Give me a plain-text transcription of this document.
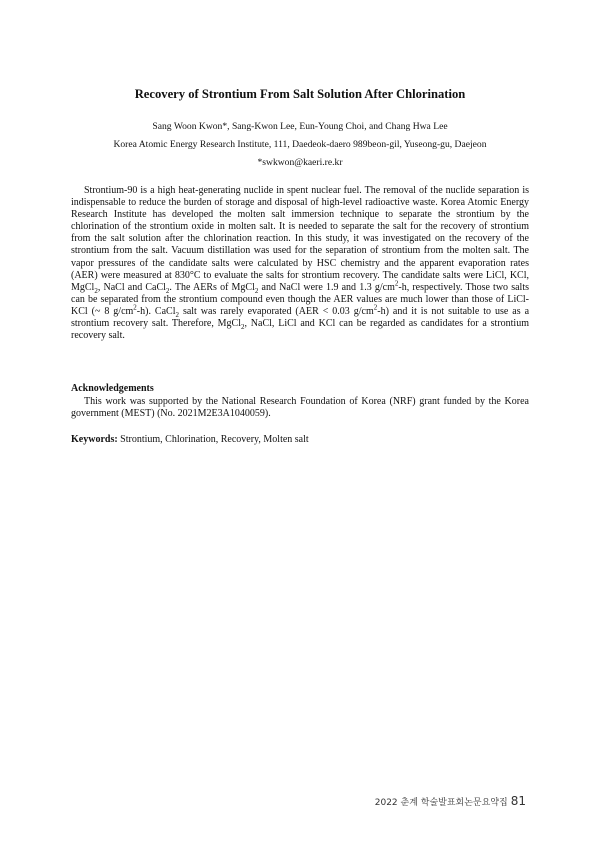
Recovery of Strontium From Salt Solution After Chlorination
Sang Woon Kwon*, Sang-Kwon Lee, Eun-Young Choi, and Chang Hwa Lee
Korea Atomic Energy Research Institute, 111, Daedeok-daero 989beon-gil, Yuseong-gu, Daejeon
*swkwon@kaeri.re.kr

Strontium-90 is a high heat-generating nuclide in spent nuclear fuel. The removal of the nuclide separation is indispensable to reduce the burden of storage and disposal of high-level radioactive waste. Korea Atomic Energy Research Institute has developed the molten salt immersion technique to separate the strontium by the chlorination of the strontium oxide in molten salt. It is needed to separate the salt for the recovery of strontium from the salt solution after the chlorination reaction. In this study, it was investigated on the recovery of the strontium from the salt. Vacuum distillation was used for the separation of strontium from the molten salt. The vapor pressures of the candidate salts were calculated by HSC chemistry and the apparent evaporation rates (AER) were measured at 830°C to evaluate the salts for strontium recovery. The candidate salts were LiCl, KCl, MgCl$_2$, NaCl and CaCl$_2$. The AERs of MgCl$_2$ and NaCl were 1.9 and 1.3 $g/cm^2-h$, respectively. Those two salts can be separated from the strontium compound even though the AER values are much lower than those of LiCl-KCl (~ 8 $g/cm^2-h$). CaCl$_2$ salt was rarely evaporated (AER < 0.03 $g/cm^2-h$) and it is not suitable to use as a strontium recovery salt. Therefore, MgCl$_2$, NaCl, LiCl and KCl can be regarded as candidates for a strontium recovery salt.

Acknowledgements

This work was supported by the National Research Foundation of Korea (NRF) grant funded by the Korea government (MEST) (No. 2021M2E3A1040059).

Keywords: Strontium, Chlorination, Recovery, Molten salt
2022 춘계 학술발표회논문요약집 81
